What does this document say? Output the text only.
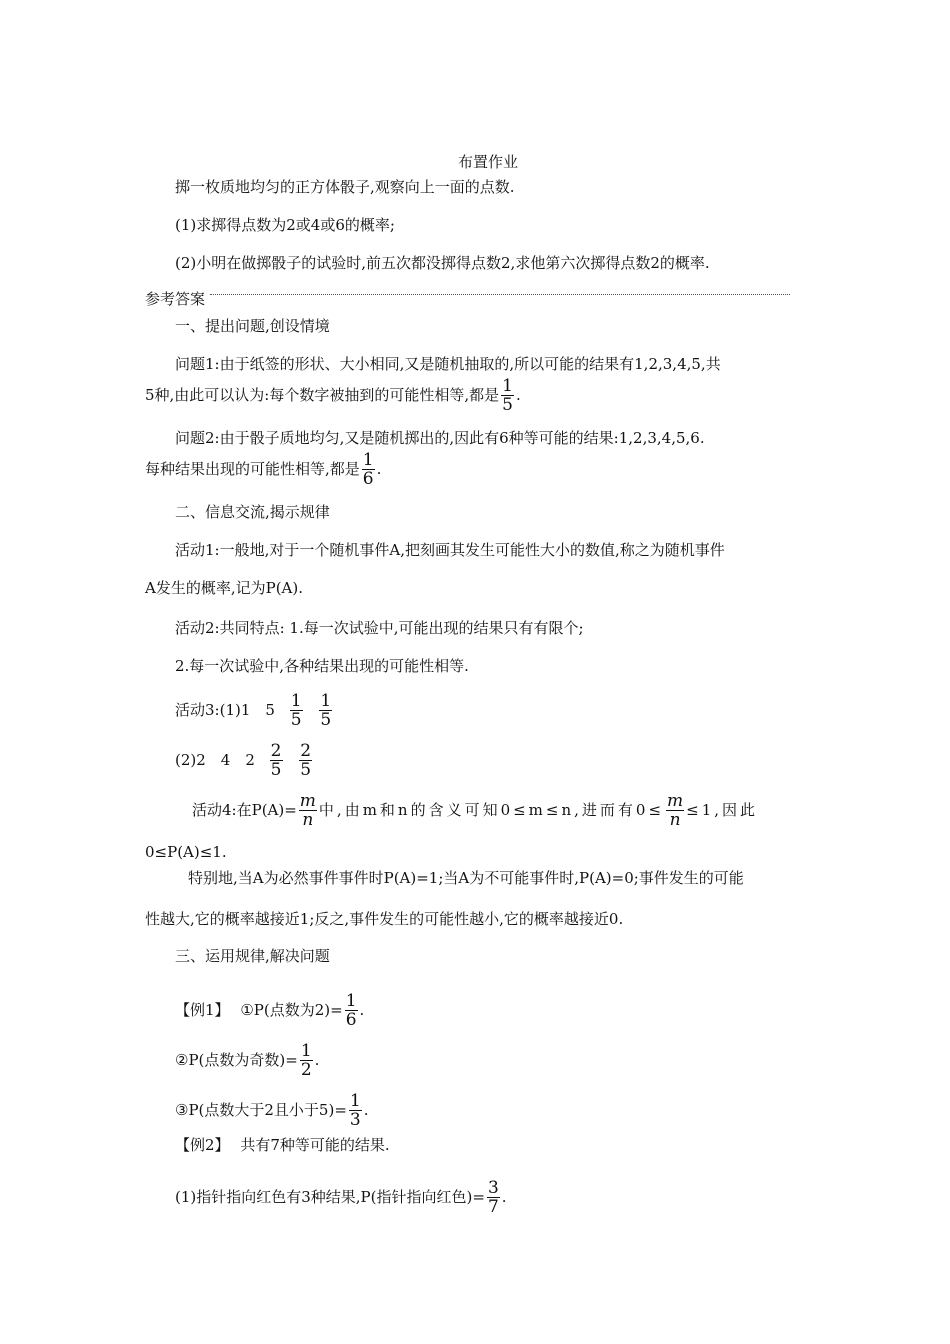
布置作业
掷一枚质地均匀的正方体骰子,观察向上一面的点数.
(1)求掷得点数为2或4或6的概率;
(2)小明在做掷骰子的试验时,前五次都没掷得点数2,求他第六次掷得点数2的概率.
参考答案
一、提出问题,创设情境
问题1:由于纸签的形状、大小相同,又是随机抽取的,所以可能的结果有1,2,3,4,5,共
5种,由此可以认为:每个数字被抽到的可能性相等,都是 $\frac{1}{5}$ .
问题2:由于骰子质地均匀,又是随机掷出的,因此有6种等可能的结果:1,2,3,4,5,6.
每种结果出现的可能性相等,都是 $\frac{1}{6}$ .
二、信息交流,揭示规律
活动1:一般地,对于一个随机事件A,把刻画其发生可能性大小的数值,称之为随机事件
A发生的概率,记为P(A).
活动2:共同特点: 1.每一次试验中,可能出现的结果只有有限个;
2.每一次试验中,各种结果出现的可能性相等.
活动3:(1)1　$5 \frac{1}{5}$
$\frac{1}{5}$
(2)2　4　$2 \frac{2}{5}$
$\frac{2}{5}$
活动4:在$P(A)= \frac{m}{n}$ 中,由m和n的含义可知0≤m≤n,进而有$0\le \frac{m}{n} \le 1$,因此
0≤P(A)≤1.
特别地,当A为必然事件事件时P(A)=1;当A为不可能事件时,P(A)=0;事件发生的可能
性越大,它的概率越接近1;反之,事件发生的可能性越小,它的概率越接近0.
三、运用规律,解决问题
【例1】 ①P(点数为$2)= \frac{1}{6}$ .
②P(点数为奇数)= $\frac{1}{2}$ .
③P(点数大于2且小于$5)= \frac{1}{3}$ .
【例2】 共有7种等可能的结果.
(1)指针指向红色有3种结果,P(指针指向红色)= $\frac{3}{7}$ .
